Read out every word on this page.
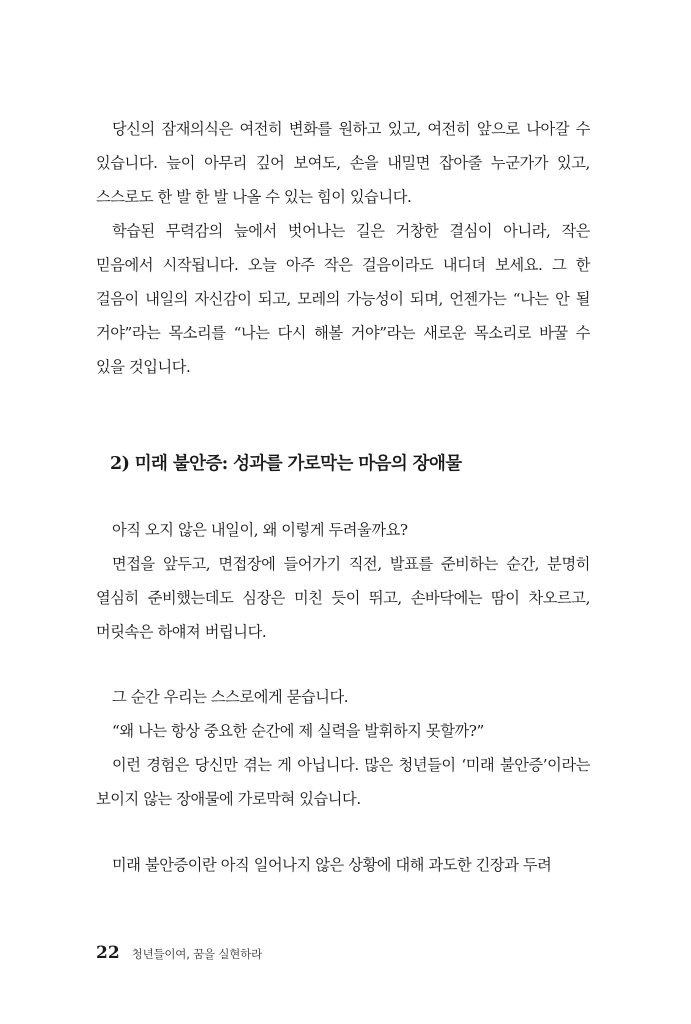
당신의 잠재의식은 여전히 변화를 원하고 있고, 여전히 앞으로 나아갈 수 있습니다. 늪이 아무리 깊어 보여도, 손을 내밀면 잡아줄 누군가가 있고, 스스로도 한 발 한 발 나올 수 있는 힘이 있습니다.

학습된 무력감의 늪에서 벗어나는 길은 거창한 결심이 아니라, 작은 믿음에서 시작됩니다. 오늘 아주 작은 걸음이라도 내디뎌 보세요. 그 한 걸음이 내일의 자신감이 되고, 모레의 가능성이 되며, 언젠가는 “나는 안 될 거야”라는 목소리를 “나는 다시 해볼 거야”라는 새로운 목소리로 바꿀 수 있을 것입니다.

2) 미래 불안증: 성과를 가로막는 마음의 장애물

아직 오지 않은 내일이, 왜 이렇게 두려울까요?

면접을 앞두고, 면접장에 들어가기 직전, 발표를 준비하는 순간, 분명히 열심히 준비했는데도 심장은 미친 듯이 뛰고, 손바닥에는 땀이 차오르고, 머릿속은 하얘져 버립니다.

그 순간 우리는 스스로에게 묻습니다.

“왜 나는 항상 중요한 순간에 제 실력을 발휘하지 못할까?”

이런 경험은 당신만 겪는 게 아닙니다. 많은 청년들이 ‘미래 불안증’이라는 보이지 않는 장애물에 가로막혀 있습니다.

미래 불안증이란 아직 일어나지 않은 상황에 대해 과도한 긴장과 두려

22 청년들이여, 꿈을 실현하라
